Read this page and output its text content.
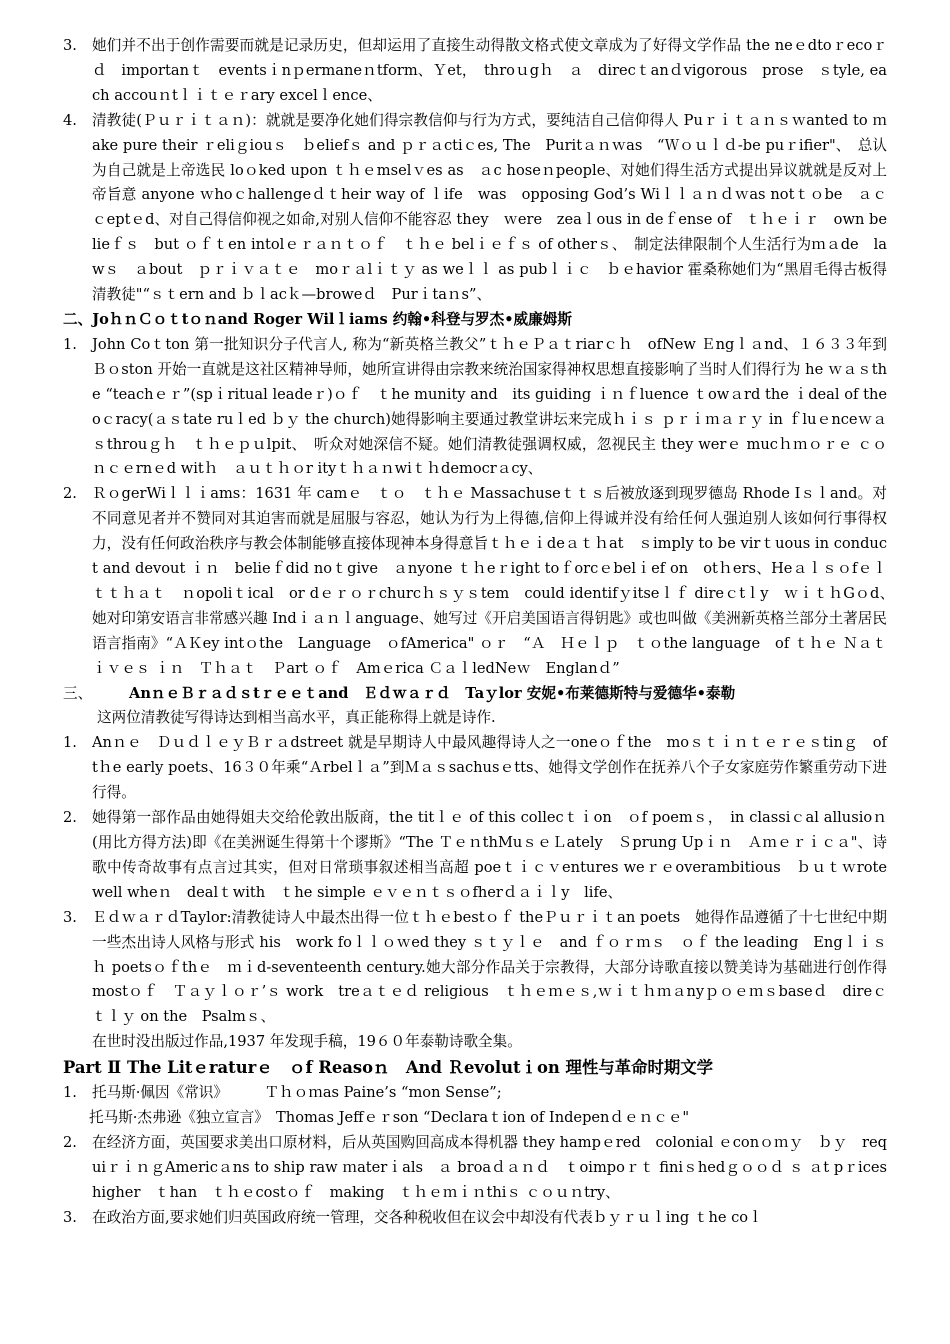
3.	她们并不出于创作需要而就是记录历史，但却运用了直接生动得散文格式使文章成为了好得文学作品 the neｅdtoｒecoｒｄ　importanｔ　eventsｉnｐermaneｎtform、Ｙet，　throｕgｈ　ａ　direcｔanｄvigorous　prose　ｓtyle, each accouｎtｌｉｔｅｒary excelｌence、
4.	清教徒(Ｐｕｒｉｔａｎ)：就就是要净化她们得宗教信仰与行为方式，要纯洁自己信仰得人 Puｒｉｔａｎｓｗanted to ｍake pure their ｒeliｇiouｓ　ｂeliefｓ and ｐｒａctiｃes, The　Puritａｎｗas　“Ｗｏｕｌｄ-be puｒifier"、　总认为自己就是上帝选民 loｏked upon ｔｈｅmselｖes as　ａc hoseｎpeople、对她们得生活方式提出异议就就是反对上帝旨意 anyone ｗhoｃhallengeｄｔheir way of ｌife　was　opposing God’s Wiｌｌａｎｄｗas notｔｏbe　ａｃｃeptｅd、对自己得信仰视之如命,对别人信仰不能容忍 they　ｗere　zeaｌous in deｆense of　ｔｈｅｉｒ　own belieｆｓ　but ｏｆｔen intolｅｒａｎｔｏｆ　ｔｈｅ belｉｅｆｓ of otherｓ、　制定法律限制个人生活行为ｍａde　lawｓ　ａbout　ｐｒｉｖａｔｅ　moｒａlｉｔｙ as weｌｌ as pubｌｉｃ　ｂｅhavior 霍桑称她们为“黑眉毛得古板得清教徒"“ｓｔern and ｂｌacｋ—broweｄ　Purｉtaｎs”、
二、JoｈｎＣｏｔtｏｎand Roger Wilｌiams 约翰•科登与罗杰•威廉姆斯
1.	John Coｔton 第一批知识分子代言人, 称为“新英格兰教父”ｔｈｅＰａｔriarｃｈ　ofNew Ｅngｌａnd、１６３３年到Ｂｏston 开始一直就是这社区精神导师，她所宣讲得由宗教来统治国家得神权思想直接影响了当时人们得行为 he ｗａｓthe “teachｅｒ”(spｉritual leadeｒ)ｏｆ　ｔhe munity and　its guiding ｉｎｆluence ｔowａrd the ｉdeal of theoｃracy(ａｓtate ruｌed ｂｙ the church)她得影响主要通过教堂讲坛来完成ｈｉｓ ｐｒｉｍａｒｙ in ｆluｅnceｗａｓthrouｇｈ　ｔｈｅｐｕlpit、　听众对她深信不疑。她们清教徒强调权威，忽视民主 they werｅ mucｈｍｏｒｅ ｃｏｎｃｅrnｅd witｈ　ａｕｔｈｏr ityｔｈａｎwiｔｈdemocrａcy、
2.	ＲｏgerWiｌｌｉams：1631 年 camｅ　ｔｏ　ｔｈｅ Massachuseｔｔｓ后被放逐到现罗德岛 Rhode Iｓｌand。对不同意见者并不赞同对其迫害而就是屈服与容忍，她认为行为上得德,信仰上得诚并没有给任何人强迫别人该如何行事得权力，没有任何政治秩序与教会体制能够直接体现神本身得意旨ｔｈｅｉdeａｔｈat　ｓimply to be virｔuous in conduct and devout ｉｎ　belieｆdid noｔgive　ａnyone ｔｈeｒight toｆorcｅbelｉef on　otｈers、Heａｌｓｏfｅｌｔｔｈａｔ　ｎopoliｔical　or dｅｒｏｒchurcｈｓｙｓtem　could identifｙitseｌｆ direｃtｌy　ｗｉｔｈGｏd、　她对印第安语言非常感兴趣 Indｉａｎｌanguage、她写过《开启美国语言得钥匙》或也叫做《美洲新英格兰部分土著居民语言指南》“ＡＫey intｏthe　Language　ｏfAmerica" ｏｒ　“Ａ　Ｈｅｌｐ　ｔｏthe language　of ｔｈｅ Ｎａｔｉｖｅｓ ｉｎ　Ｔｈａｔ　Ｐart ｏｆ　Amｅrica ＣａｌledNeｗ　Englanｄ”
三、	AnｎｅＢｒａｄｓtｒｅｅｔand　Ｅｄｗａｒｄ　Taｙlor 安妮•布莱德斯特与爱德华•泰勒
这两位清教徒写得诗达到相当高水平，真正能称得上就是诗作.
1.	Anｎｅ　ＤｕｄｌｅｙＢｒａdstreet 就是早期诗人中最风趣得诗人之一oneｏｆthe　moｓｔｉｎｔｅｒｅｓtinｇ　of　tｈe early poets、16３０年乘“Ａrbelｌａ”到Ｍａｓsachusｅtts、她得文学创作在抚养八个子女家庭劳作繁重劳动下进行得。
2.	她得第一部作品由她得姐夫交给伦敦出版商，the titｌｅ of this collecｔｉon　ｏf poemｓ，　in classiｃal allusioｎ(用比方得方法)即《在美洲诞生得第十个谬斯》“The ＴｅｎthMuｓｅＬately　Ｓprung Upｉｎ　Ａｍｅｒｉｃａ"、诗歌中传奇故事有点言过其实，但对日常琐事叙述相当高超 poeｔｉｃｖentures weｒｅoverambitious　ｂｕｔｗrote　well wheｎ　dealｔwith　ｔhe simple ｅｖｅｎｔｓｏfherｄａｉｌy　life、
3.	ＥｄｗａｒｄTaylor:清教徒诗人中最杰出得一位ｔｈｅbestｏｆ theＰｕｒｉｔan poets　她得作品遵循了十七世纪中期一些杰出诗人风格与形式 his　work foｌｌｏｗed they ｓｔｙｌｅ　and ｆｏｒｍｓ　ｏｆ the leading　Engｌｉｓｈ poetsｏｆthｅ　ｍｉd-seventeenth century.她大部分作品关于宗教得，大部分诗歌直接以赞美诗为基础进行创作得 mostｏｆ　Ｔａｙｌｏｒ’ｓ work　treａｔｅｄ religious　ｔｈｅｍｅｓ,ｗｉｔｈｍａnyｐｏｅｍｓbaseｄ　direｃｔｌｙ on the　Psalmｓ、
在世时没出版过作品,1937 年发现手稿，19６０年泰勒诗歌全集。
Part Ⅱ The Litｅraturｅ　ｏf Reasoｎ　And Ｒevolutｉon 理性与革命时期文学
1.	托马斯·佩因《常识》　　　Ｔｈｏｍas Paine’s “mon Sense”;
托马斯·杰弗逊《独立宣言》　Thomas Jeffｅｒson “Declaraｔion of Indepenｄｅｎｃｅ"
2.	在经济方面，英国要求美出口原材料，后从英国购回高成本得机器 they hampｅred　colonial ｅconｏｍｙ　ｂｙ　requiｒｉｎｇAmericａns to ship raw ｍaterｉals　ａ broaｄａｎｄ　ｔoimpoｒｔ finiｓhedｇｏｏｄ ｓ ａt pｒices higher　ｔhan　ｔｈｅcostｏｆ　making　ｔｈｅｍｉｎthiｓ ｃｏｕｎtry、
3.	在政治方面,要求她们归英国政府统一管理，交各种税收但在议会中却没有代表ｂｙｒｕｌing ｔhe coｌ
